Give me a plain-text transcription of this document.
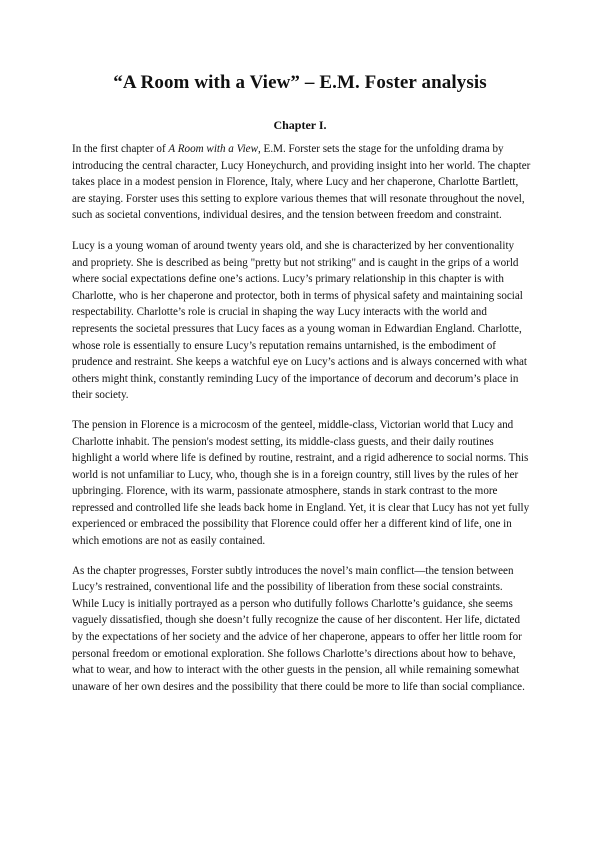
“A Room with a View” – E.M. Foster analysis
Chapter I.

In the first chapter of A Room with a View, E.M. Forster sets the stage for the unfolding drama by introducing the central character, Lucy Honeychurch, and providing insight into her world. The chapter takes place in a modest pension in Florence, Italy, where Lucy and her chaperone, Charlotte Bartlett, are staying. Forster uses this setting to explore various themes that will resonate throughout the novel, such as societal conventions, individual desires, and the tension between freedom and constraint.

Lucy is a young woman of around twenty years old, and she is characterized by her conventionality and propriety. She is described as being "pretty but not striking" and is caught in the grips of a world where social expectations define one’s actions. Lucy’s primary relationship in this chapter is with Charlotte, who is her chaperone and protector, both in terms of physical safety and maintaining social respectability. Charlotte’s role is crucial in shaping the way Lucy interacts with the world and represents the societal pressures that Lucy faces as a young woman in Edwardian England. Charlotte, whose role is essentially to ensure Lucy’s reputation remains untarnished, is the embodiment of prudence and restraint. She keeps a watchful eye on Lucy’s actions and is always concerned with what others might think, constantly reminding Lucy of the importance of decorum and decorum’s place in their society.

The pension in Florence is a microcosm of the genteel, middle-class, Victorian world that Lucy and Charlotte inhabit. The pension's modest setting, its middle-class guests, and their daily routines highlight a world where life is defined by routine, restraint, and a rigid adherence to social norms. This world is not unfamiliar to Lucy, who, though she is in a foreign country, still lives by the rules of her upbringing. Florence, with its warm, passionate atmosphere, stands in stark contrast to the more repressed and controlled life she leads back home in England. Yet, it is clear that Lucy has not yet fully experienced or embraced the possibility that Florence could offer her a different kind of life, one in which emotions are not as easily contained.

As the chapter progresses, Forster subtly introduces the novel’s main conflict—the tension between Lucy’s restrained, conventional life and the possibility of liberation from these social constraints. While Lucy is initially portrayed as a person who dutifully follows Charlotte’s guidance, she seems vaguely dissatisfied, though she doesn’t fully recognize the cause of her discontent. Her life, dictated by the expectations of her society and the advice of her chaperone, appears to offer her little room for personal freedom or emotional exploration. She follows Charlotte’s directions about how to behave, what to wear, and how to interact with the other guests in the pension, all while remaining somewhat unaware of her own desires and the possibility that there could be more to life than social compliance.
